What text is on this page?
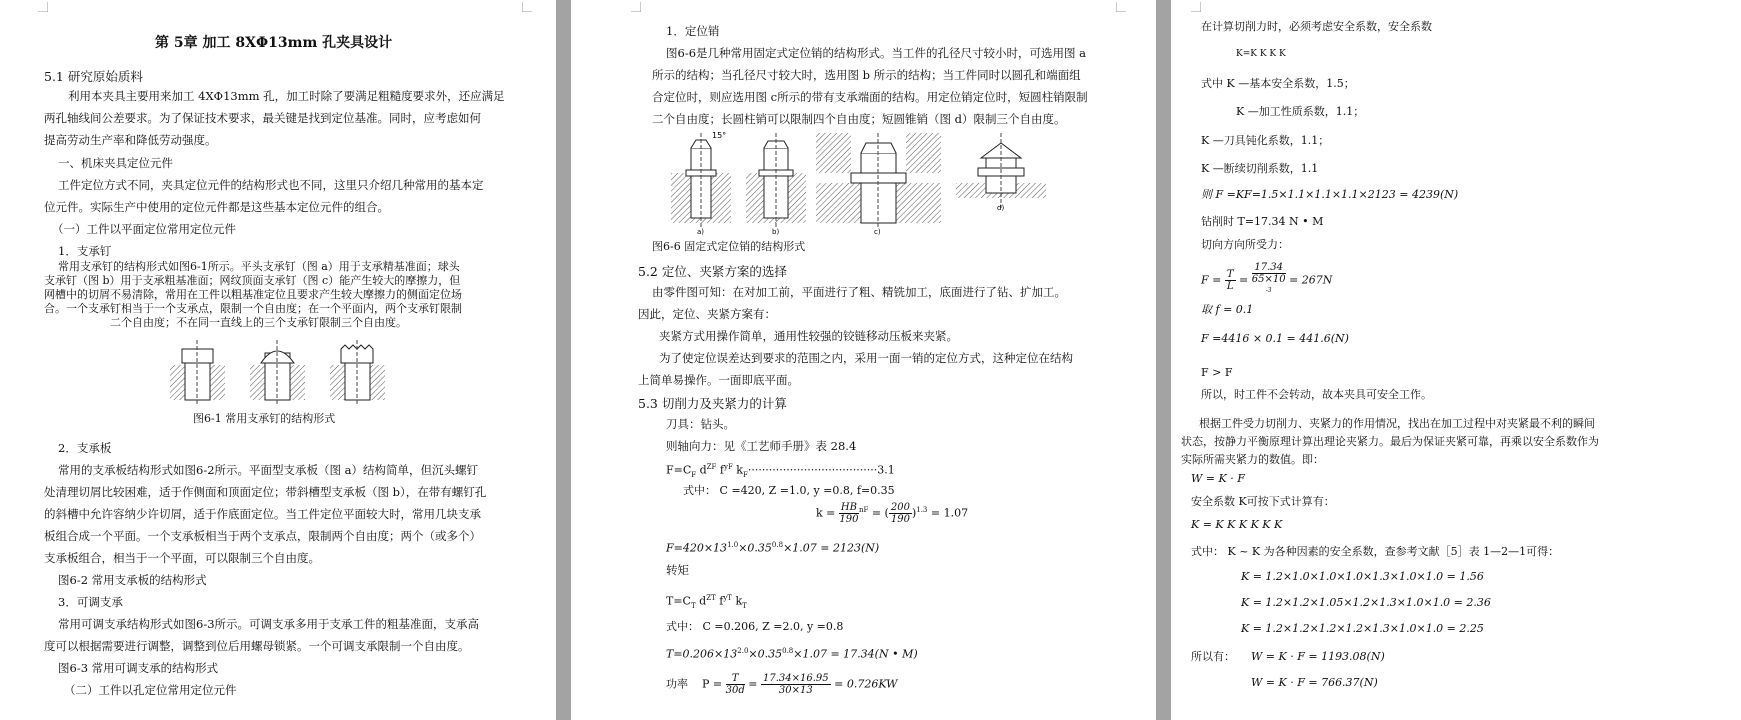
第 5章 加工 8XΦ13mm 孔夹具设计
5.1 研究原始质料
利用本夹具主要用来加工 4XΦ13mm 孔，加工时除了要满足粗糙度要求外，还应满足
两孔轴线间公差要求。为了保证技术要求，最关键是找到定位基准。同时，应考虑如何
提高劳动生产率和降低劳动强度。
一、机床夹具定位元件
工件定位方式不同，夹具定位元件的结构形式也不同，这里只介绍几种常用的基本定
位元件。实际生产中使用的定位元件都是这些基本定位元件的组合。
（一）工件以平面定位常用定位元件
1．支承钉
常用支承钉的结构形式如图6-1所示。平头支承钉（图 a）用于支承精基准面；球头
支承钉（图 b）用于支承粗基准面；网纹顶面支承钉（图 c）能产生较大的摩擦力，但
网槽中的切屑不易清除，常用在工件以粗基准定位且要求产生较大摩擦力的侧面定位场
合。一个支承钉相当于一个支承点，限制一个自由度；在一个平面内，两个支承钉限制
二个自由度；不在同一直线上的三个支承钉限制三个自由度。
图6-1 常用支承钉的结构形式
2．支承板
常用的支承板结构形式如图6-2所示。平面型支承板（图 a）结构简单，但沉头螺钉
处清理切屑比较困难，适于作侧面和顶面定位；带斜槽型支承板（图 b），在带有螺钉孔
的斜槽中允许容纳少许切屑，适于作底面定位。当工件定位平面较大时，常用几块支承
板组合成一个平面。一个支承板相当于两个支承点，限制两个自由度；两个（或多个）
支承板组合，相当于一个平面，可以限制三个自由度。
图6-2 常用支承板的结构形式
3．可调支承
常用可调支承结构形式如图6-3所示。可调支承多用于支承工件的粗基准面，支承高
度可以根据需要进行调整，调整到位后用螺母锁紧。一个可调支承限制一个自由度。
图6-3 常用可调支承的结构形式
（二）工件以孔定位常用定位元件
1．定位销
图6-6是几种常用固定式定位销的结构形式。当工件的孔径尺寸较小时，可选用图 a
所示的结构；当孔径尺寸较大时，选用图 b 所示的结构；当工件同时以圆孔和端面组
合定位时，则应选用图 c所示的带有支承端面的结构。用定位销定位时，短圆柱销限制
二个自由度；长圆柱销可以限制四个自由度；短圆锥销（图 d）限制三个自由度。
15°
a)	b)	c)
d)
图6-6 固定式定位销的结构形式
5.2 定位、夹紧方案的选择
由零件图可知：在对加工前，平面进行了粗、精铣加工，底面进行了钻、扩加工。
因此，定位、夹紧方案有：
夹紧方式用操作简单，通用性较强的铰链移动压板来夹紧。
为了使定位误差达到要求的范围之内，采用一面一销的定位方式，这种定位在结构
上简单易操作。一面即底平面。
5.3 切削力及夹紧力的计算
刀具：钻头。
则轴向力：见《工艺师手册》表 28.4
$F=C_F$ $d^{ZF}$ $f^{yF}$ $k_F\cdot\cdot\cdot\cdot\cdot\cdot\cdot\cdot\cdot\cdot\cdot\cdot\cdot\cdot\cdot\cdot\cdot\cdot\cdot\cdot\cdot\cdot\cdot\cdot\cdot\cdot\cdot\cdot\cdot\cdot\cdot\cdot\cdot\cdot\cdot\cdot\cdot 3.1$
式中： C =420, Z =1.0, y =0.8, f=0.35
$k = \frac{HB}{190} ^{nF}$ = ( $\frac{200}{190} )^{1.3} = 1.07$
$F=420\times 13^{1.0}\times 0.35^{0.8}\times 1.07 = 2123(N)$
转矩
$T=C_T$ $d^{ZT}$ $f^{yT}$ $k_T$
式中： C =0.206, Z =2.0, y =0.8
$T=0.206\times 13^{2.0}\times 0.35^{0.8}\times 1.07 = 17.34(N$ • M)
功率 $P = \frac{T}{30d} = \frac{17.34\times 16.95}{30\times 13} = 0.726KW$
在计算切削力时，必须考虑安全系数，安全系数
K=K K K K
式中 K —基本安全系数，1.5；
K —加工性质系数，1.1；
K —刀具钝化系数，1.1；
K —断续切削系数，1.1
则 F =KF=1.5×1.1×1.1×1.1×2123 = 4239(N)
钻削时 T=17.34 N • M
切向方向所受力：
$F = \frac{T}{L} = 17.34$
65×10
$^{-3}$ = 267N
取 f = 0.1
F =4416 × 0.1 = 441.6(N)
F > F
所以，时工件不会转动，故本夹具可安全工作。
根据工件受力切削力、夹紧力的作用情况，找出在加工过程中对夹紧最不利的瞬间
状态，按静力平衡原理计算出理论夹紧力。最后为保证夹紧可靠，再乘以安全系数作为
实际所需夹紧力的数值。即：
W = K · F
安全系数 K可按下式计算有：
K = K K K K K K
式中： K ~ K 为各种因素的安全系数，查参考文献［5］表 1—2—1可得：
K = 1.2×1.0×1.0×1.0×1.3×1.0×1.0 = 1.56
K = 1.2×1.2×1.05×1.2×1.3×1.0×1.0 = 2.36
K = 1.2×1.2×1.2×1.2×1.3×1.0×1.0 = 2.25
所以有： W = K · F = 1193.08(N)
W = K · F = 766.37(N)
